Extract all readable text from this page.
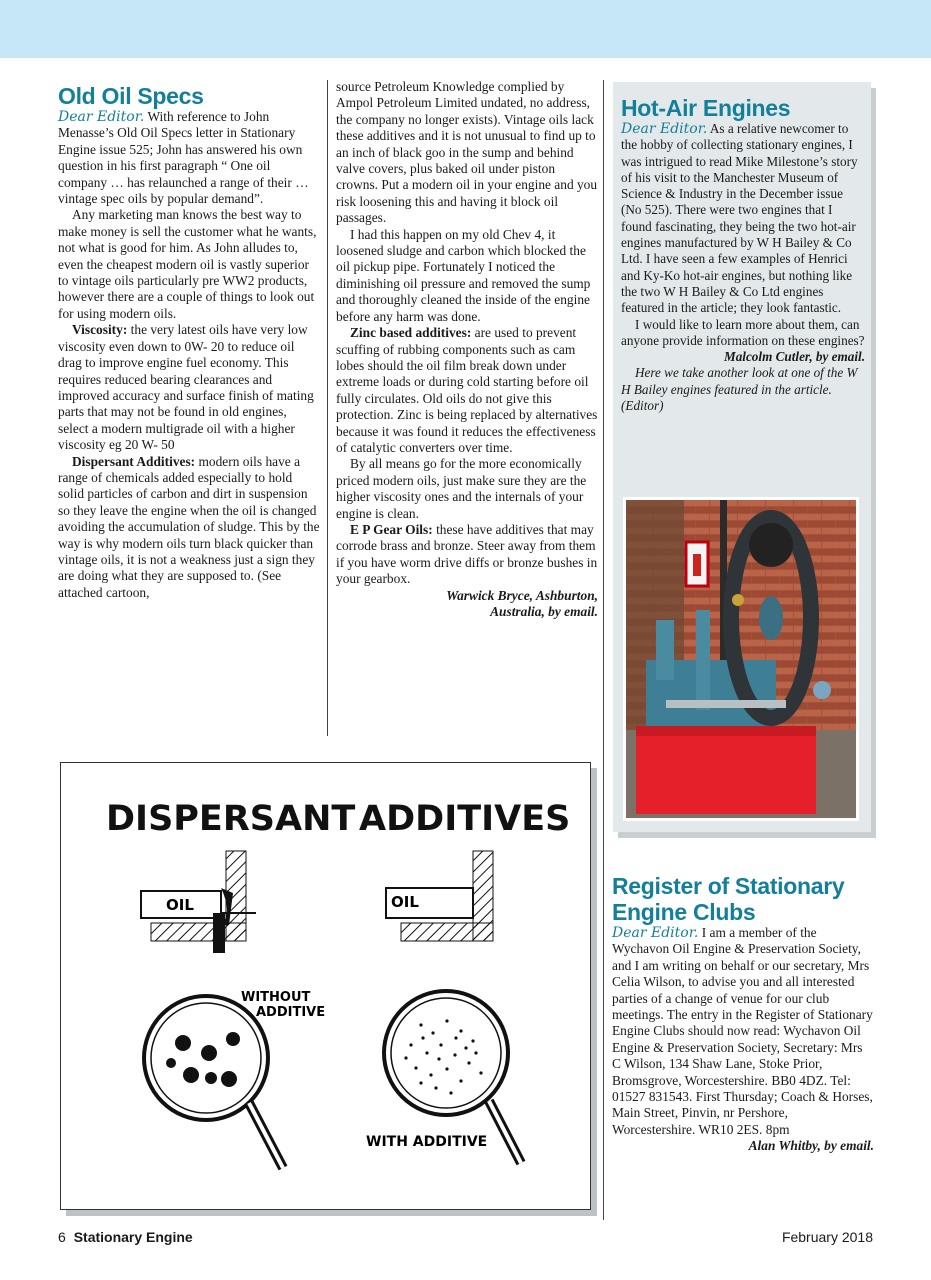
Old Oil Specs

Dear Editor. With reference to John Menasse’s Old Oil Specs letter in Stationary Engine issue 525; John has answered his own question in his first paragraph “ One oil company … has relaunched a range of their …vintage spec oils by popular demand”.

Any marketing man knows the best way to make money is sell the customer what he wants, not what is good for him. As John alludes to, even the cheapest modern oil is vastly superior to vintage oils particularly pre WW2 products, however there are a couple of things to look out for using modern oils.

Viscosity: the very latest oils have very low viscosity even down to 0W- 20 to reduce oil drag to improve engine fuel economy. This requires reduced bearing clearances and improved accuracy and surface finish of mating parts that may not be found in old engines, select a modern multigrade oil with a higher viscosity eg 20 W- 50

Dispersant Additives: modern oils have a range of chemicals added especially to hold solid particles of carbon and dirt in suspension so they leave the engine when the oil is changed avoiding the accumulation of sludge. This by the way is why modern oils turn black quicker than vintage oils, it is not a weakness just a sign they are doing what they are supposed to. (See attached cartoon,

source Petroleum Knowledge complied by Ampol Petroleum Limited undated, no address, the company no longer exists). Vintage oils lack these additives and it is not unusual to find up to an inch of black goo in the sump and behind valve covers, plus baked oil under piston crowns. Put a modern oil in your engine and you risk loosening this and having it block oil passages.

I had this happen on my old Chev 4, it loosened sludge and carbon which blocked the oil pickup pipe. Fortunately I noticed the diminishing oil pressure and removed the sump and thoroughly cleaned the inside of the engine before any harm was done.

Zinc based additives: are used to prevent scuffing of rubbing components such as cam lobes should the oil film break down under extreme loads or during cold starting before oil fully circulates. Old oils do not give this protection. Zinc is being replaced by alternatives because it was found it reduces the effectiveness of catalytic converters over time.

By all means go for the more economically priced modern oils, just make sure they are the higher viscosity ones and the internals of your engine is clean.

E P Gear Oils: these have additives that may corrode brass and bronze. Steer away from them if you have worm drive diffs or bronze bushes in your gearbox.

Warwick Bryce, Ashburton,

Australia, by email.

Hot-Air Engines

Dear Editor. As a relative newcomer to the hobby of collecting stationary engines, I was intrigued to read Mike Milestone’s story of his visit to the Manchester Museum of Science & Industry in the December issue (No 525). There were two engines that I found fascinating, they being the two hot-air engines manufactured by W H Bailey & Co Ltd. I have seen a few examples of Henrici and Ky-Ko hot-air engines, but nothing like the two W H Bailey & Co Ltd engines featured in the article; they look fantastic.

I would like to learn more about them, can anyone provide information on these engines?

Malcolm Cutler, by email.

Here we take another look at one of the W H Bailey engines featured in the article. (Editor)

Register of Stationary
Engine Clubs

Dear Editor. I am a member of the Wychavon Oil Engine & Preservation Society, and I am writing on behalf or our secretary, Mrs Celia Wilson, to advise you and all interested parties of a change of venue for our club meetings. The entry in the Register of Stationary Engine Clubs should now read: Wychavon Oil Engine & Preservation Society, Secretary: Mrs C Wilson, 134 Shaw Lane, Stoke Prior, Bromsgrove, Worcestershire. BB0 4DZ. Tel: 01527 831543. First Thursday; Coach & Horses, Main Street, Pinvin, nr Pershore, Worcestershire. WR10 2ES. 8pm

Alan Whitby, by email.

DISPERSANT ADDITIVES
OIL	OIL
WITHOUT
ADDITIVE
WITH ADDITIVE
6 Stationary Engine	February 2018
